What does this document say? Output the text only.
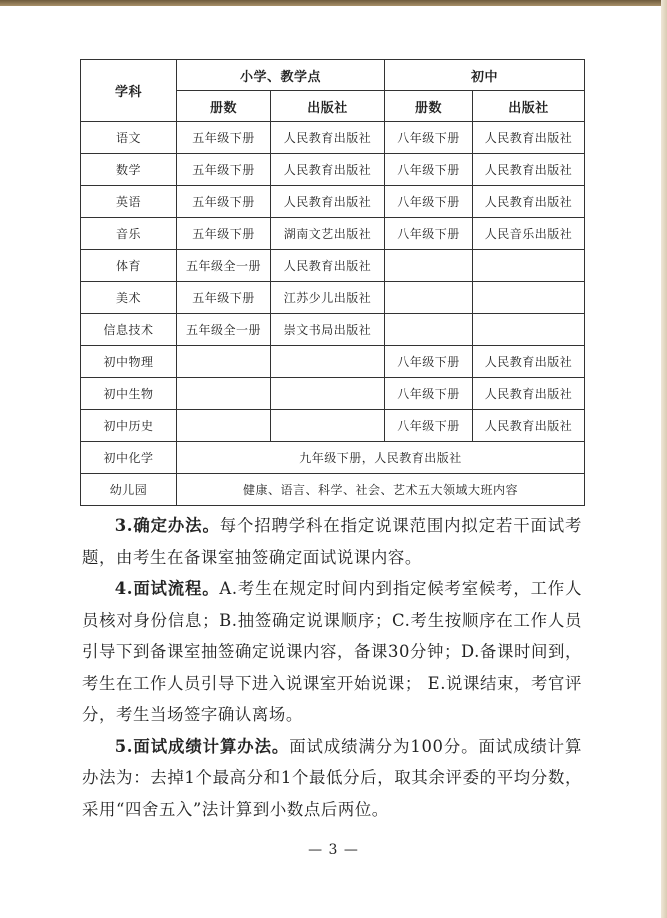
学科	小学、教学点		初中	
	册数	出版社	册数	出版社
语文	五年级下册	人民教育出版社	八年级下册	人民教育出版社
数学	五年级下册	人民教育出版社	八年级下册	人民教育出版社
英语	五年级下册	人民教育出版社	八年级下册	人民教育出版社
音乐	五年级下册	湖南文艺出版社	八年级下册	人民音乐出版社
体育	五年级全一册	人民教育出版社		
美术	五年级下册	江苏少儿出版社		
信息技术	五年级全一册	崇文书局出版社		
初中物理			八年级下册	人民教育出版社
初中生物			八年级下册	人民教育出版社
初中历史			八年级下册	人民教育出版社
初中化学	九年级下册，人民教育出版社			
幼儿园	健康、语言、科学、社会、艺术五大领域大班内容			

3.确定办法。每个招聘学科在指定说课范围内拟定若干面试考题，由考生在备课室抽签确定面试说课内容。

4.面试流程。A.考生在规定时间内到指定候考室候考，工作人员核对身份信息；B.抽签确定说课顺序；C.考生按顺序在工作人员引导下到备课室抽签确定说课内容，备课30分钟；D.备课时间到，考生在工作人员引导下进入说课室开始说课； E.说课结束，考官评分，考生当场签字确认离场。

5.面试成绩计算办法。面试成绩满分为100分。面试成绩计算办法为：去掉1个最高分和1个最低分后，取其余评委的平均分数，采用“四舍五入”法计算到小数点后两位。

— 3 —
